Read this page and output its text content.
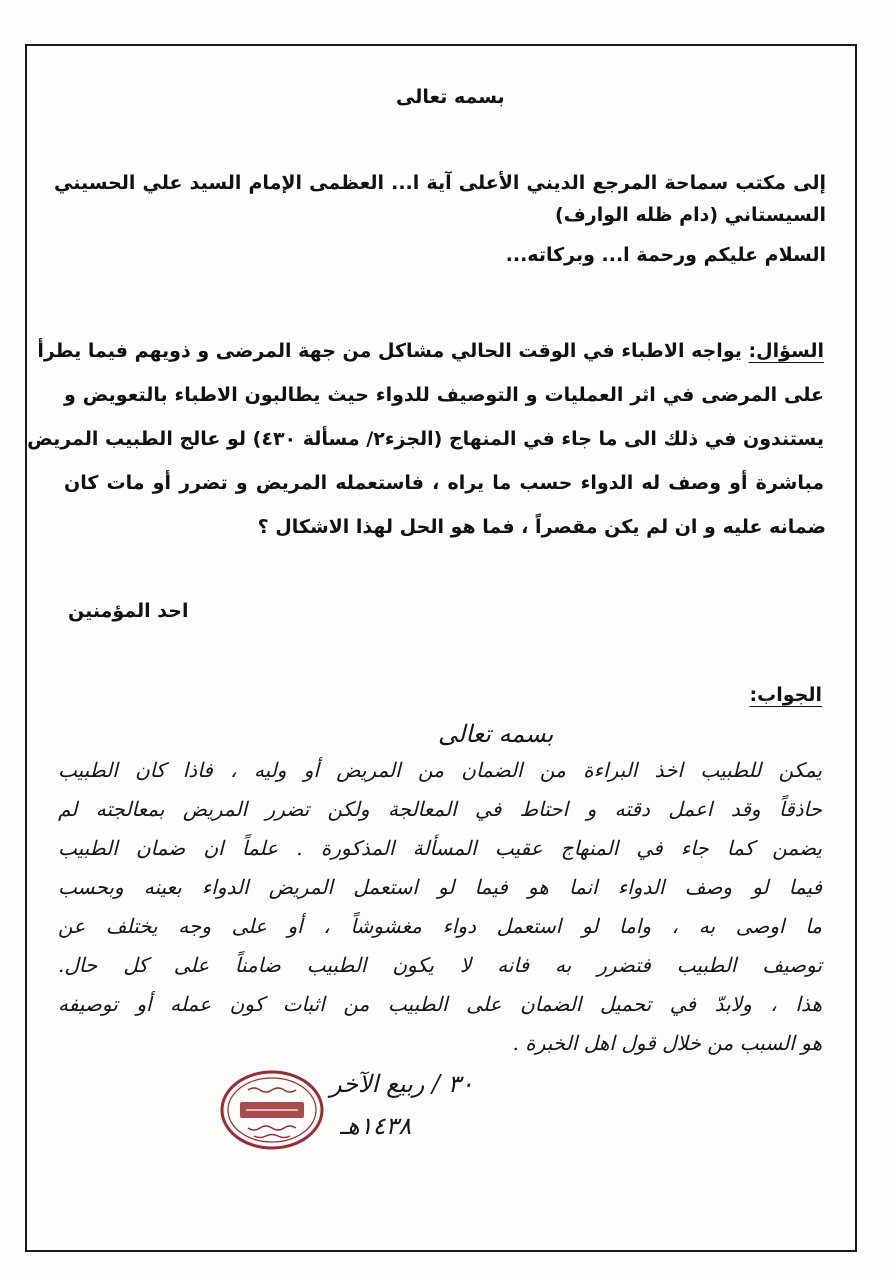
بسمه تعالى
إلى مكتب سماحة المرجع الديني الأعلى آية ا... العظمى الإمام السيد علي الحسيني
السيستاني (دام ظله الوارف)
السلام عليكم ورحمة ا... وبركاته...
السؤال: يواجه الاطباء في الوقت الحالي مشاكل من جهة المرضى و ذويهم فيما يطرأ
على المرضى في اثر العمليات و التوصيف للدواء حيث يطالبون الاطباء بالتعويض و
يستندون في ذلك الى ما جاء في المنهاج (الجزء٢/ مسألة ٤٣٠) لو عالج الطبيب المريض
مباشرة أو وصف له الدواء حسب ما يراه ، فاستعمله المريض و تضرر أو مات كان
ضمانه عليه و ان لم يكن مقصراً ، فما هو الحل لهذا الاشكال ؟
احد المؤمنين
الجواب:
بسمه تعالى
يمكن للطبيب اخذ البراءة من الضمان من المريض أو وليه ، فاذا كان الطبيب
حاذقاً وقد اعمل دقته و احتاط في المعالجة ولكن تضرر المريض بمعالجته لم
يضمن كما جاء في المنهاج عقيب المسألة المذكورة . علماً ان ضمان الطبيب
فيما لو وصف الدواء انما هو فيما لو استعمل المريض الدواء بعينه وبحسب
ما اوصى به ، واما لو استعمل دواء مغشوشاً ، أو على وجه يختلف عن
توصيف الطبيب فتضرر به فانه لا يكون الطبيب ضامناً على كل حال.
هذا ، ولابدّ في تحميل الضمان على الطبيب من اثبات كون عمله أو توصيفه
هو السبب من خلال قول اهل الخبرة .
٣٠ / ربيع الآخر
١٤٣٨هـ
